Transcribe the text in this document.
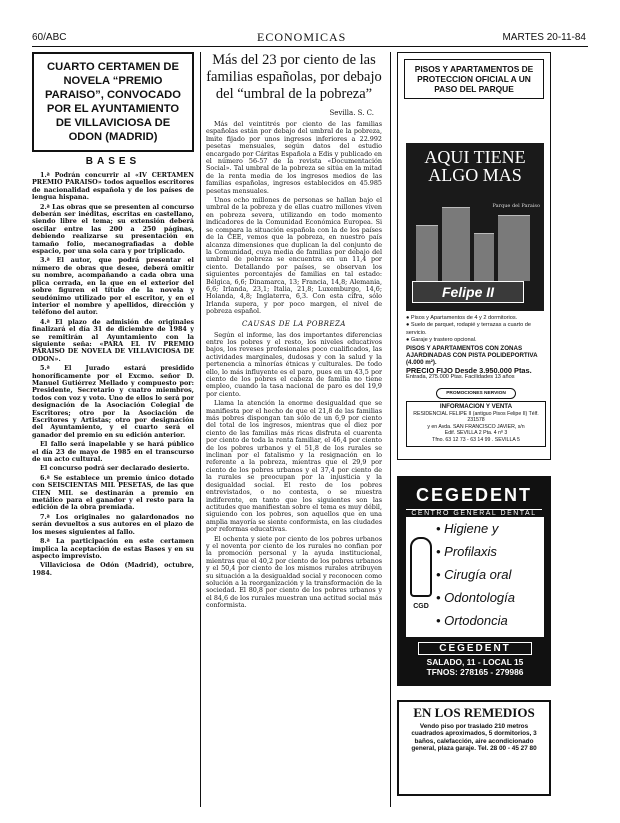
60/ABC	ECONOMICAS	MARTES 20-11-84
CUARTO CERTAMEN DE NOVELA “PREMIO PARAISO”, CONVOCADO POR EL AYUNTAMIENTO DE VILLAVICIOSA DE ODON (MADRID)
BASES

1.ª Podrán concurrir al «IV CERTAMEN PREMIO PARAISO» todos aquellos escritores de nacionalidad española y de los países de lengua hispana.

2.ª Las obras que se presenten al concurso deberán ser inéditas, escritas en castellano, siendo libre el tema; su extensión deberá oscilar entre las 200 a 250 páginas, debiendo realizarse su presentación en tamaño folio, mecanografiadas a doble espacio, por una sola cara y por triplicado.

3.ª El autor, que podrá presentar el número de obras que desee, deberá omitir su nombre, acompañando a cada obra una plica cerrada, en la que en el exterior del sobre figuren el título de la novela y seudónimo utilizado por el escritor, y en el interior el nombre y apellidos, dirección y teléfono del autor.

4.ª El plazo de admisión de originales finalizará el día 31 de diciembre de 1984 y se remitirán al Ayuntamiento con la siguiente seña: «PARA EL IV PREMIO PARAISO DE NOVELA DE VILLAVICIOSA DE ODON».

5.ª El Jurado estará presidido honoríficamente por el Excmo. señor D. Manuel Gutiérrez Mellado y compuesto por: Presidente, Secretario y cuatro miembros, todos con voz y voto. Uno de ellos lo será por designación de la Asociación Colegial de Escritores; otro por la Asociación de Escritores y Artistas; otro por designación del Ayuntamiento, y el cuarto será el ganador del premio en su edición anterior.

El fallo será inapelable y se hará público el día 23 de mayo de 1985 en el transcurso de un acto cultural.

El concurso podrá ser declarado desierto.

6.ª Se establece un premio único dotado con SEISCIENTAS MIL PESETAS, de las que CIEN MIL se destinarán a premio en metálico para el ganador y el resto para la edición de la obra premiada.

7.ª Los originales no galardonados no serán devueltos a sus autores en el plazo de los meses siguientes al fallo.

8.ª La participación en este certamen implica la aceptación de estas Bases y en su aspecto imprevisto.

Villaviciosa de Odón (Madrid), octubre, 1984.

Más del 23 por ciento de las familias españolas, por debajo del “umbral de la pobreza”
Sevilla. S. C.

Más del veintitrés por ciento de las familias españolas están por debajo del umbral de la pobreza, lmite fijado por unos ingresos inferiores a 22.992 pesetas mensuales, según datos del estudio encargado por Cáritas Española a Edis y publicado en el número 56-57 de la revista «Documentación Social». Tal umbral de la pobreza se sitúa en la mitad de la renta media de los ingresos medios de las familias españolas, ingresos establecidos en 45.985 pesetas mensuales.

Unos ocho millones de personas se hallan bajo el umbral de la pobreza y de ellas cuatro millones viven en pobreza severa, utilizando en todo momento indicadores de la Comunidad Económica Europea. Si se compara la situación española con la de los países de la CEE, vemos que la pobreza, en nuestro país alcanza dimensiones que duplican la del conjunto de la Comunidad, cuya media de familias por debajo del umbral de pobreza se encuentra en un 11,4 por ciento. Detallando por países, se observan los siguientes porcentajes de familias en tal estado: Bélgica, 6,6; Dinamarca, 13; Francia, 14,8; Alemania, 6,6; Irlanda, 23,1; Italia, 21,8; Luxemburgo, 14,6; Holanda, 4,8; Inglaterra, 6,3. Con esta cifra, sólo Irlanda supera, y por poco margen, el nivel de pobreza español.

CAUSAS DE LA POBREZA

Según el informe, las dos importantes diferencias entre los pobres y el resto, los niveles educativos bajos, los reveses profesionales poco cualificados, las actividades marginales, dudosas y con la salud y la pertenencia a minorías étnicas y culturales. De todo ello, lo más influyente es el paro, pues en un 43,5 por ciento de los pobres el cabeza de familia no tiene empleo, cuando la tasa nacional de paro es del 19,9 por ciento.

Llama la atención la enorme desigualdad que se manifiesta por el hecho de que el 21,8 de las familias más pobres dispongan tan sólo de un 6,9 por ciento del total de los ingresos, mientras que el diez por ciento de las familias más ricas disfruta el cuarenta por ciento de toda la renta familiar, el 46,4 por ciento de los pobres urbanos y el 51,8 de los rurales se inclinan por el fatalismo y la resignación en lo referente a la pobreza, mientras que el 29,9 por ciento de los pobres urbanos y el 37,4 por ciento de la rurales se preocupan por la injusticia y la desigualdad social. El resto de los pobres entrevistados, o no contesta, o se muestra indiferente, en tanto que los siguientes son las actitudes que manifiestan sobre el tema es muy débil, siguiendo con los pobres, son aquellos que en una amplia mayoría se siente conformista, en las ciudades por reformas educativas.

El ochenta y siete por ciento de los pobres urbanos y el noventa por ciento de los rurales no confian por la promoción personal y la ayuda institucional, mientras que el 40,2 por ciento de los pobres urbanos y el 50,4 por ciento de los mismos rurales atribuyen su situación a la desigualdad social y reconocen como solución a la reorganización y la transformación de la sociedad. El 80,8 por ciento de los pobres urbanos y el 84,6 de los rurales muestran una actitud social más conformista.

PISOS Y APARTAMENTOS DE PROTECCION OFICIAL A UN PASO DEL PARQUE
AQUI TIENE
ALGO MAS
Parque del Paraiso
Felipe II
● Pisos y Apartamentos de 4 y 2 dormitorios.
● Suelo de parquet, rodapié y terrazas a cuarto de servicio.
● Garaje y trastero opcional.
PISOS Y APARTAMENTOS CON ZONAS AJARDINADAS CON PISTA POLIDEPORTIVA (4.000 m²).
PRECIO FIJO Desde 3.950.000 Ptas.
Entrada, 275.000 Ptas. Facilidades 13 años
PROMOCIONES NERVION
INFORMACION Y VENTA
RESIDENCIAL FELIPE II (antiguo Pisos Felipe II) Télf. 231578
y en Avda. SAN FRANCISCO JAVIER, s/n
Edif. SEVILLA 2 Pta. 4 nº 3
Tfno. 63 12 73 - 63 14 99 . SEVILLA 5
CEGEDENT
CENTRO GENERAL DENTAL
CGD
• Higiene y
• Profilaxis
• Cirugía oral
• Odontología
• Ortodoncia
CEGEDENT
SALADO, 11 - LOCAL 15
TFNOS: 278165 - 279986
EN LOS REMEDIOS
Vendo piso por traslado 210 metros cuadrados aproximados, 5 dormitorios, 3 baños, calefacción, aire acondicionado general, plaza garaje. Tel. 28 00 - 45 27 80
